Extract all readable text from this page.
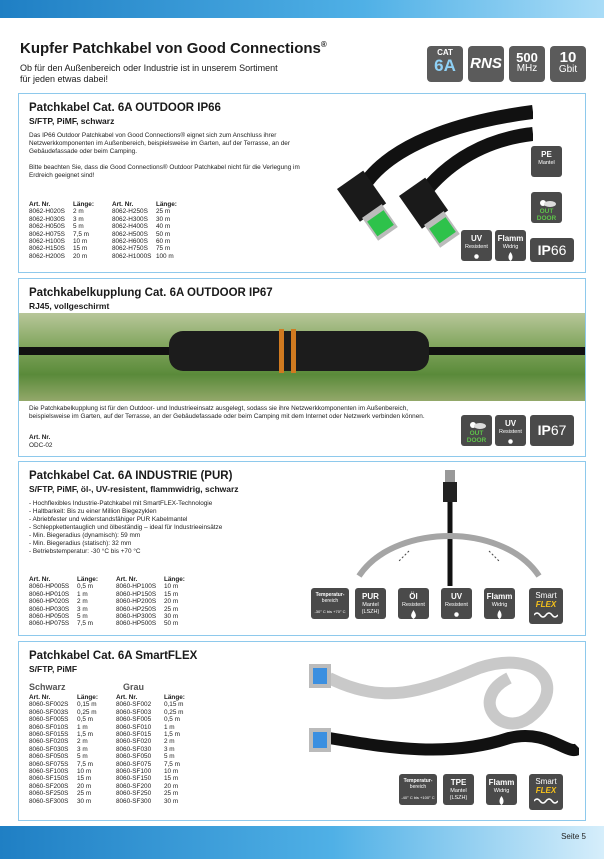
Kupfer Patchkabel von Good Connections®
Ob für den Außenbereich oder Industrie ist in unserem Sortiment
für jeden etwas dabei!
CAT
6A RNS	500
MHz
10
Gbit
Patchkabel Cat. 6A OUTDOOR IP66
S/FTP, PiMF, schwarz
Das IP66 Outdoor Patchkabel von Good Connections® eignet sich zum Anschluss ihrer Netzwerkkomponenten im Außenbereich, beispielsweise im Garten, auf der Terrasse, an der Gebäudefassade oder beim Camping.
Bitte beachten Sie, dass die Good Connections® Outdoor Patchkabel nicht für die Verlegung im Erdreich geeignet sind!
Art. Nr.	Länge:
8062-H020S 2 m
8062-H030S 3 m
8062-H050S 5 m
8062-H075S 7,5 m
8062-H100S 10 m
8062-H150S 15 m
8062-H200S 20 m
Art. Nr.	Länge:
8062-H250S 25 m
8062-H300S 30 m
8062-H400S 40 m
8062-H500S 50 m
8062-H600S 60 m
8062-H750S 75 m
8062-H1000S 100 m
PE
Mantel
OUT
DOOR
UV
Resistent
Flamm
Widrig	IP66
Patchkabelkupplung Cat. 6A OUTDOOR IP67
RJ45, vollgeschirmt
Die Patchkabelkupplung ist für den Outdoor- und Industrieeinsatz ausgelegt, sodass sie ihre Netzwerkkomponenten im Außenbereich, beispielsweise im Garten, auf der Terrasse, an der Gebäudefassade oder beim Camping mit dem Internet oder Netzwerk verbinden können.
Art. Nr.
ODC-02
OUT
DOOR
UV
Resistent	IP67
Patchkabel Cat. 6A INDUSTRIE (PUR)
S/FTP, PiMF, öl-, UV-resistent, flammwidrig, schwarz
- Hochflexibles Industrie-Patchkabel mit SmartFLEX-Technologie
- Haltbarkeit: Bis zu einer Million Biegezyklen
- Abriebfester und widerstandsfähiger PUR Kabelmantel
- Schleppkettentauglich und ölbeständig – ideal für Industrieeinsätze
- Min. Biegeradius (dynamisch): 59 mm
- Min. Biegeradius (statisch): 32 mm
- Betriebstemperatur: -30 °C bis +70 °C
Art. Nr.	Länge:
8060-HP005S 0,5 m
8060-HP010S 1 m
8060-HP020S 2 m
8060-HP030S 3 m
8060-HP050S 5 m
8060-HP075S 7,5 m
Art. Nr.	Länge:
8060-HP100S 10 m
8060-HP150S 15 m
8060-HP200S 20 m
8060-HP250S 25 m
8060-HP300S 30 m
8060-HP500S 50 m
Temperatur-
bereich
-30° C bis +70° C
PUR
Mantel
(LSZH)
Öl
Resistent
UV
Resistent
Flamm
Widrig
Smart
FLEX
Patchkabel Cat. 6A SmartFLEX
S/FTP, PiMF
Schwarz	Grau
Art. Nr.	Länge:
8060-SF002S 0,15 m
8060-SF003S 0,25 m
8060-SF005S 0,5 m
8060-SF010S 1 m
8060-SF015S 1,5 m
8060-SF020S 2 m
8060-SF030S 3 m
8060-SF050S 5 m
8060-SF075S 7,5 m
8060-SF100S 10 m
8060-SF150S 15 m
8060-SF200S 20 m
8060-SF250S 25 m
8060-SF300S 30 m
Art. Nr.	Länge:
8060-SF002 0,15 m
8060-SF003 0,25 m
8060-SF005 0,5 m
8060-SF010 1 m
8060-SF015 1,5 m
8060-SF020 2 m
8060-SF030 3 m
8060-SF050 5 m
8060-SF075 7,5 m
8060-SF100 10 m
8060-SF150 15 m
8060-SF200 20 m
8060-SF250 25 m
8060-SF300 30 m
Temperatur-
bereich
-40° C bis +100° C
TPE
Mantel
(LSZH)
Flamm
Widrig
Smart
FLEX
Seite 5
